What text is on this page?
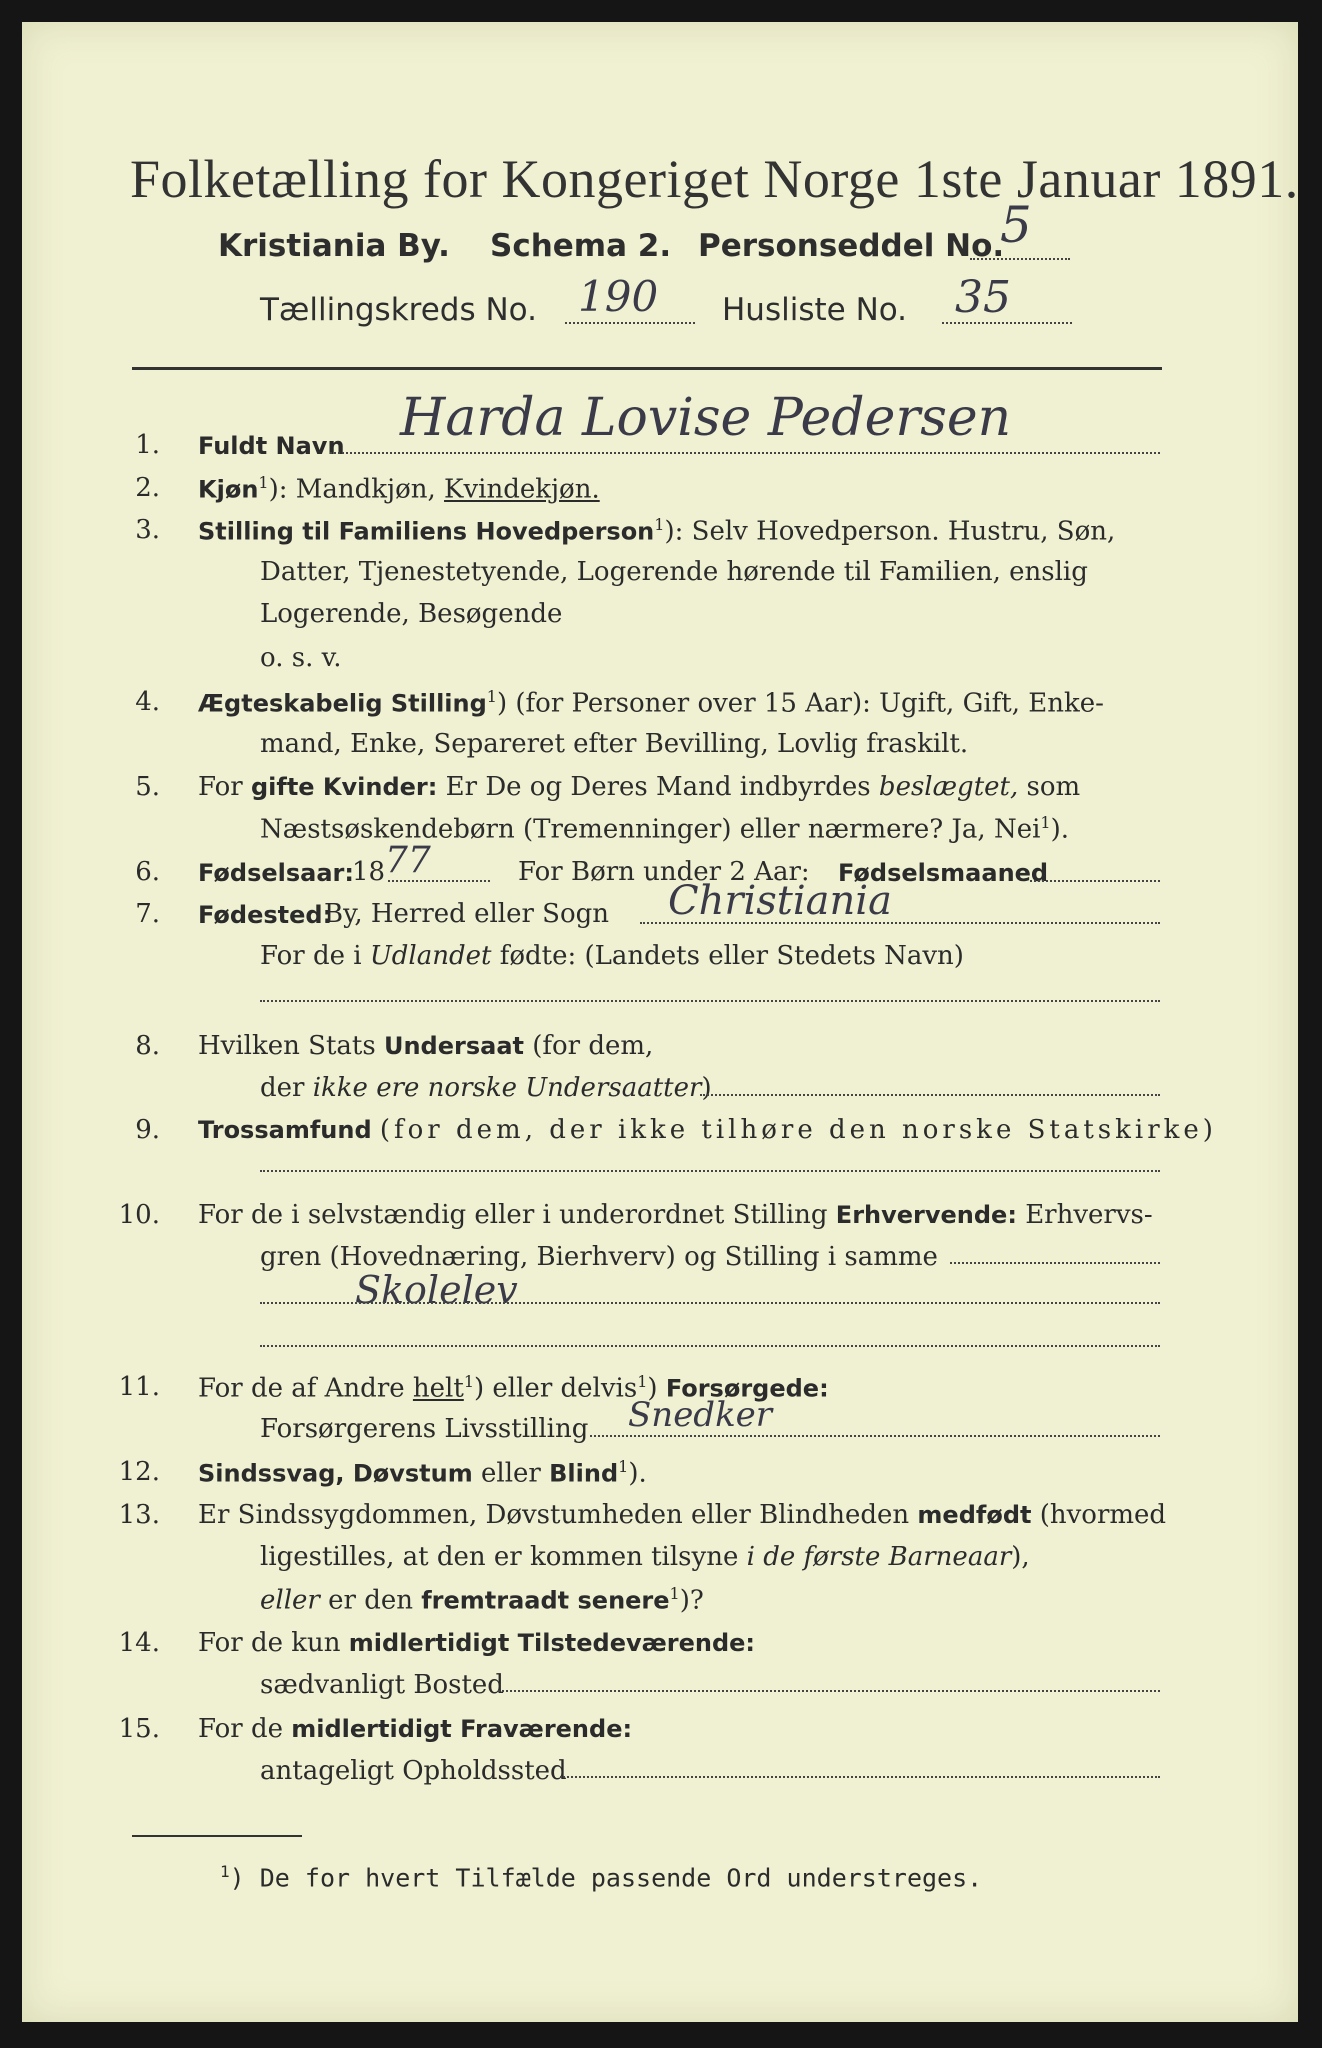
Folketælling for Kongeriget Norge 1ste Januar 1891.
Kristiania By. Schema 2. Personseddel No.
5
Tællingskreds No. 190 Husliste No. 35
1. Fuldt Navn Harda Lovise Pedersen
2. Kjøn$^1$): Mandkjøn, Kvindekjøn.
3. Stilling til Familiens Hovedperson$^1$): Selv Hovedperson. Hustru, Søn,
Datter, Tjenestetyende, Logerende hørende til Familien, enslig
Logerende, Besøgende
o. s. v.
4. Ægteskabelig Stilling$^1$) (for Personer over 15 Aar): Ugift, Gift, Enke-
mand, Enke, Separeret efter Bevilling, Lovlig fraskilt.
5. For gifte Kvinder: Er De og Deres Mand indbyrdes beslægtet, som
Næstsøskendebørn (Tremenninger) eller nærmere? Ja, Nei$^1$).
6. Fødselsaar:
18 77	For Børn under 2 Aar: Fødselsmaaned
7. Fødested:
By, Herred eller Sogn Christiania
For de i Udlandet fødte: (Landets eller Stedets Navn)
8. Hvilken Stats Undersaat (for dem,
der ikke ere norske Undersaatter)
9. Trossamfund (for dem, der ikke tilhøre den norske Statskirke)
10. For de i selvstændig eller i underordnet Stilling Erhvervende: Erhvervs-
gren (Hovednæring, Bierhverv) og Stilling i samme
Skolelev
11. For de af Andre helt$^1$) eller delvis$^1$) Forsørgede:
Forsørgerens Livsstilling Snedker
12. Sindssvag, Døvstum eller Blind$^1$).
13. Er Sindssygdommen, Døvstumheden eller Blindheden medfødt (hvormed
ligestilles, at den er kommen tilsyne i de første Barneaar),
eller er den fremtraadt senere$^1$)?
14. For de kun midlertidigt Tilstedeværende:
sædvanligt Bosted
15. For de midlertidigt Fraværende:
antageligt Opholdssted
$^1$) De for hvert Tilfælde passende Ord understreges.
